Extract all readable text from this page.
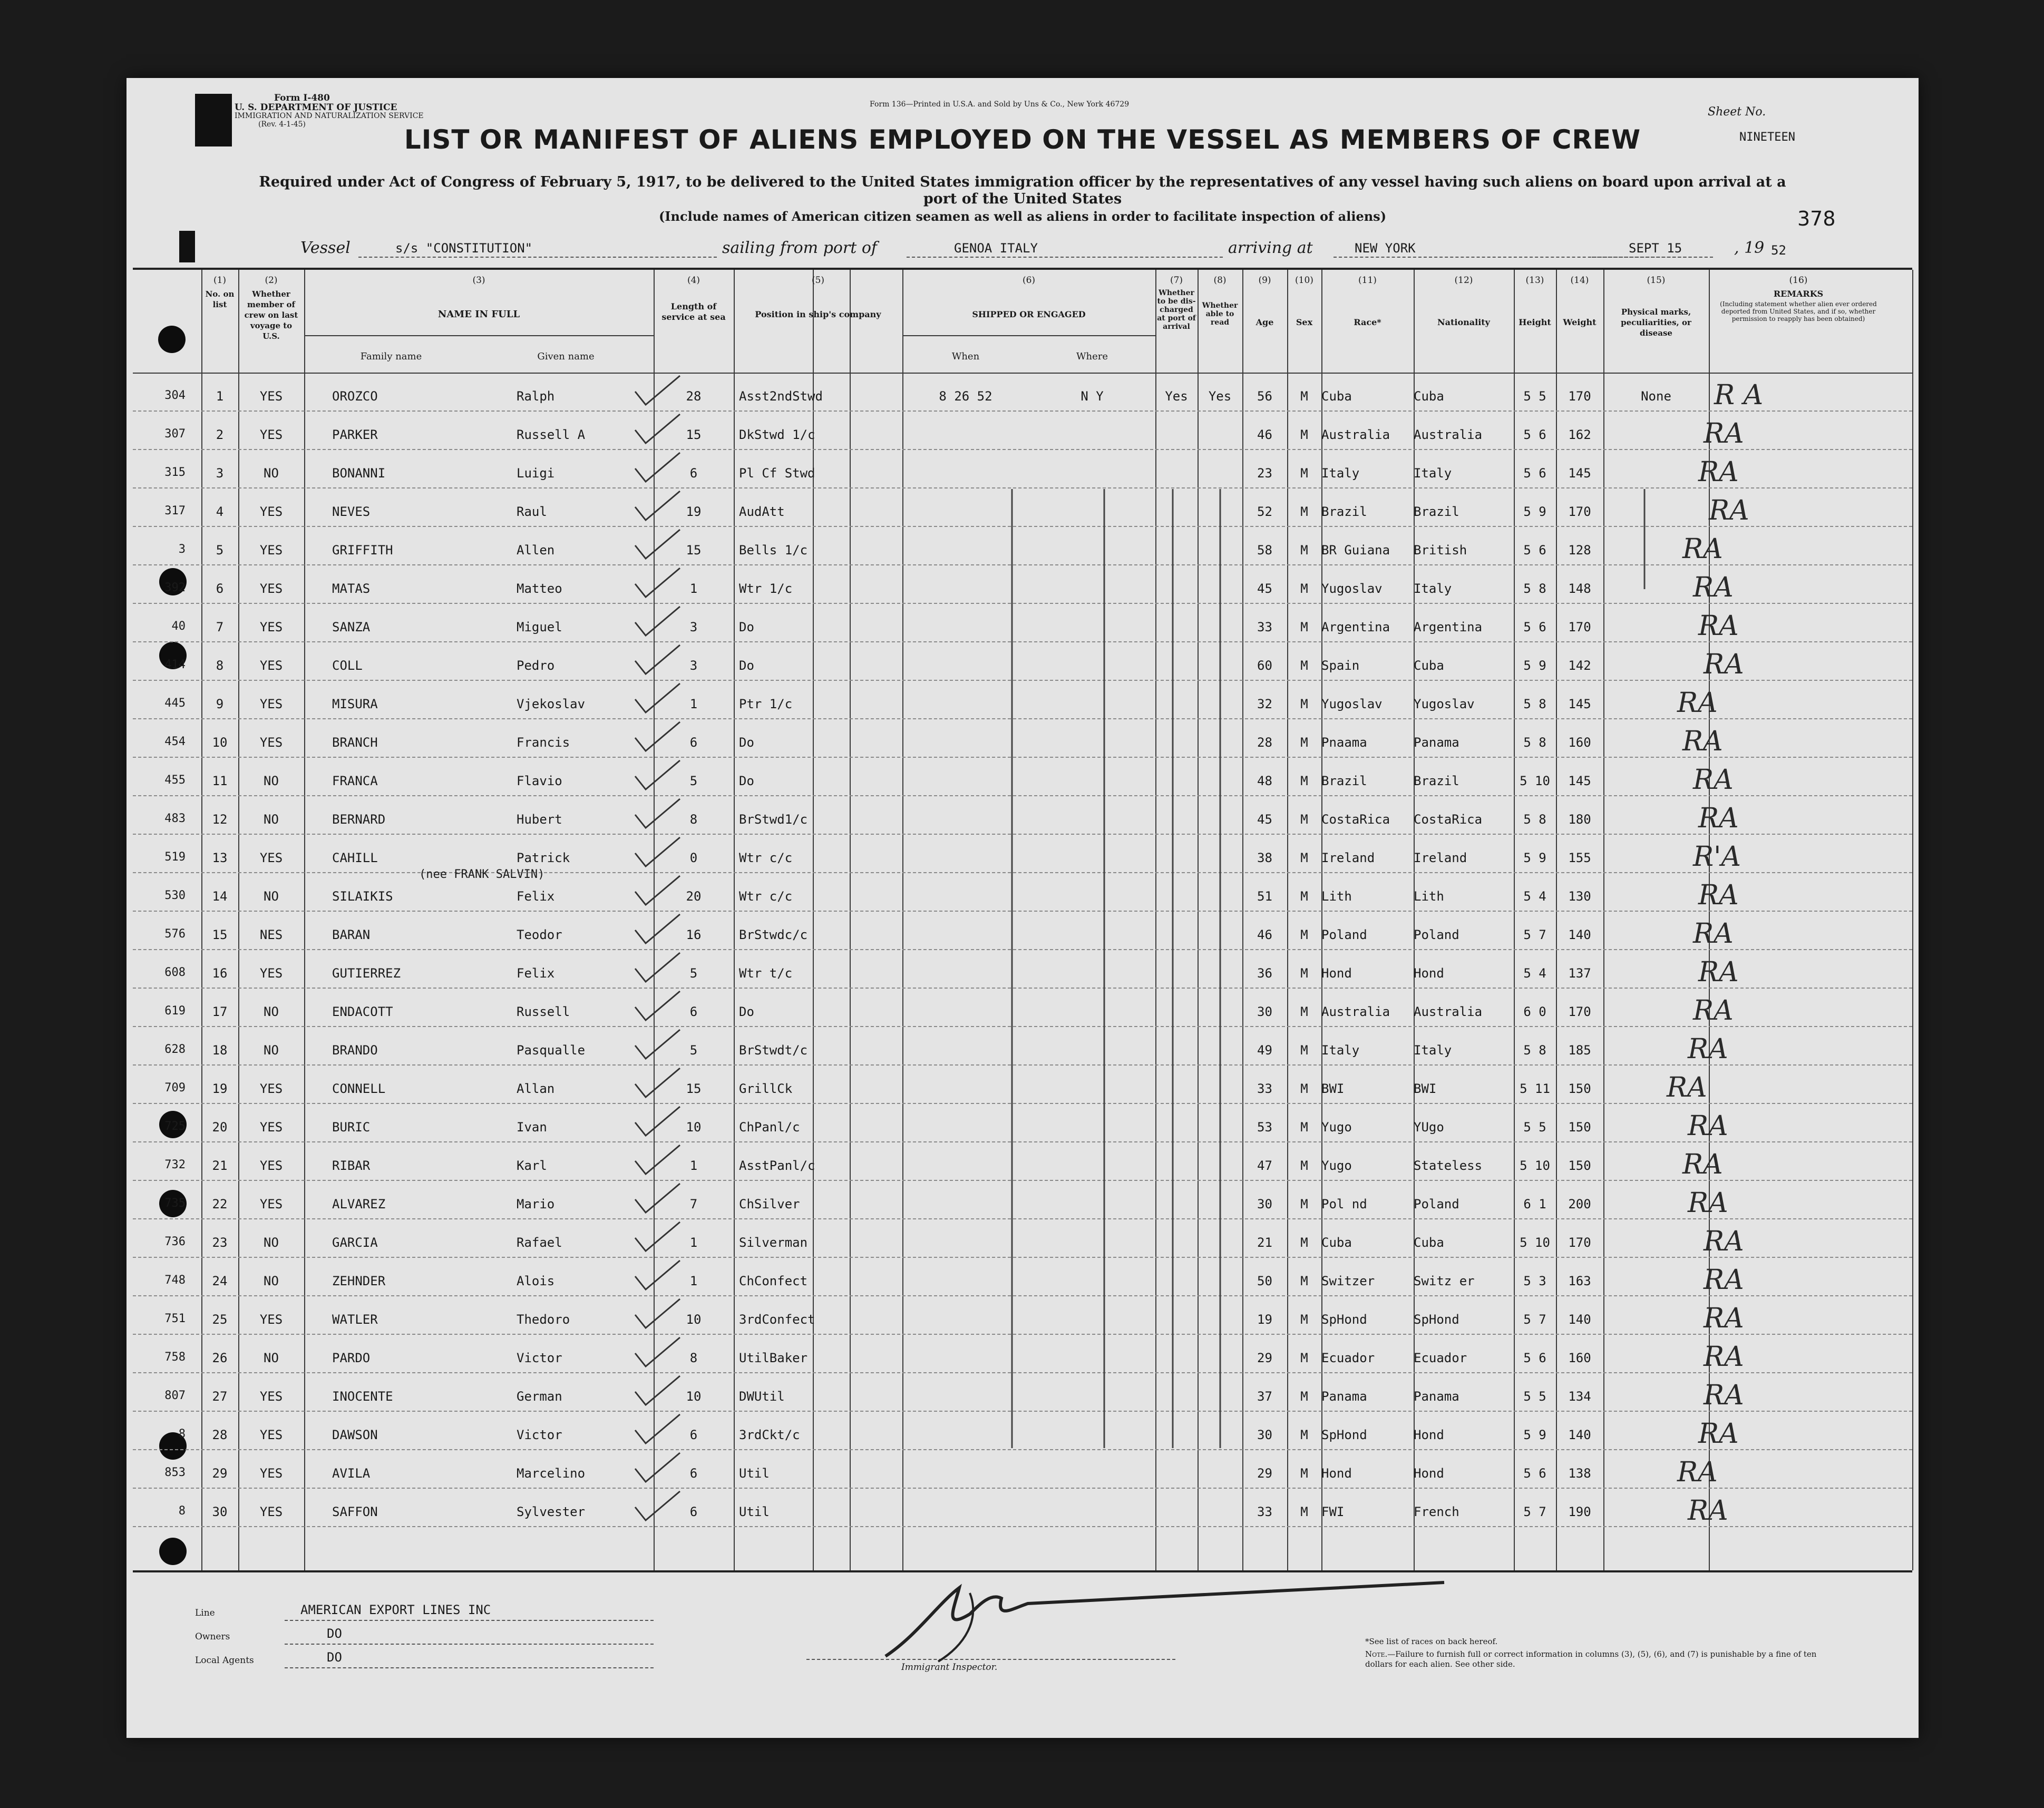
Form I-480
U. S. DEPARTMENT OF JUSTICE
IMMIGRATION AND NATURALIZATION SERVICE
(Rev. 4-1-45)
Form 136—Printed in U.S.A. and Sold by Uns & Co., New York 46729
Sheet No.
NINETEEN
378
LIST OR MANIFEST OF ALIENS EMPLOYED ON THE VESSEL AS MEMBERS OF CREW
Required under Act of Congress of February 5, 1917, to be delivered to the United States immigration officer by the representatives of any vessel having such aliens on board upon arrival at a
port of the United States
(Include names of American citizen seamen as well as aliens in order to facilitate inspection of aliens)
Vessel	s/s "CONSTITUTION"	sailing from port of	GENOA ITALY	arriving at	NEW YORK	SEPT 15	, 19 52
(1)
No. on list
(2)
Whether member of crew on last voyage to U.S.
(3)
NAME IN FULL
Family name	Given name
(4)
Length of service at sea
(5)
Position in ship's company
(6)
SHIPPED OR ENGAGED
When	Where
(7)
Whether to be dis-charged at port of arrival
(8)
Whether able to read
(9)
Age
(10)
Sex
(11)
Race*
(12)
Nationality
(13)
Height
(14)
Weight
(15)
Physical marks, peculiarities, or disease
(16)
REMARKS
(Including statement whether alien ever ordered deported from United States, and if so, whether permission to reapply has been obtained)
304	1	YES	OROZCO	Ralph	28	Asst2ndStwd	8 26 52	N Y	Yes	Yes	56	M	Cuba	Cuba	5 5	170	None	R A
307	2	YES	PARKER	Russell A	15	DkStwd 1/c	46	M	Australia	Australia	5 6	162	RA
315	3	NO	BONANNI	Luigi	6	Pl Cf Stwd	23	M	Italy	Italy	5 6	145	RA
317	4	YES	NEVES	Raul	19	AudAtt	52	M	Brazil	Brazil	5 9	170	RA
3	5	YES	GRIFFITH	Allen	15	Bells 1/c	58	M	BR Guiana	British	5 6	128	RA
392	6	YES	MATAS	Matteo	1	Wtr 1/c	45	M	Yugoslav	Italy	5 8	148	RA
40	7	YES	SANZA	Miguel	3	Do	33	M	Argentina	Argentina	5 6	170	RA
414	8	YES	COLL	Pedro	3	Do	60	M	Spain	Cuba	5 9	142	RA
445	9	YES	MISURA	Vjekoslav	1	Ptr 1/c	32	M	Yugoslav	Yugoslav	5 8	145	RA
454	10	YES	BRANCH	Francis	6	Do	28	M	Pnaama	Panama	5 8	160	RA
455	11	NO	FRANCA	Flavio	5	Do	48	M	Brazil	Brazil	5 10	145	RA
483	12	NO	BERNARD	Hubert	8	BrStwd1/c	45	M	CostaRica	CostaRica	5 8	180	RA
519	13	YES	CAHILL	Patrick	0	Wtr c/c	38	M	Ireland	Ireland	5 9	155	R'A
530	14	NO	SILAIKIS	Felix	20	Wtr c/c	51	M	Lith	Lith	5 4	130	RA
576	15	NES	BARAN	Teodor	16	BrStwdc/c	46	M	Poland	Poland	5 7	140	RA
608	16	YES	GUTIERREZ	Felix	5	Wtr t/c	36	M	Hond	Hond	5 4	137	RA
619	17	NO	ENDACOTT	Russell	6	Do	30	M	Australia	Australia	6 0	170	RA
628	18	NO	BRANDO	Pasqualle	5	BrStwdt/c	49	M	Italy	Italy	5 8	185	RA
709	19	YES	CONNELL	Allan	15	GrillCk	33	M	BWI	BWI	5 11	150	RA
725	20	YES	BURIC	Ivan	10	ChPanl/c	53	M	Yugo	YUgo	5 5	150	RA
732	21	YES	RIBAR	Karl	1	AsstPanl/c	47	M	Yugo	Stateless	5 10	150	RA
735	22	YES	ALVAREZ	Mario	7	ChSilver	30	M	Pol nd	Poland	6 1	200	RA
736	23	NO	GARCIA	Rafael	1	Silverman	21	M	Cuba	Cuba	5 10	170	RA
748	24	NO	ZEHNDER	Alois	1	ChConfect	50	M	Switzer	Switz er	5 3	163	RA
751	25	YES	WATLER	Thedoro	10	3rdConfect	19	M	SpHond	SpHond	5 7	140	RA
758	26	NO	PARDO	Victor	8	UtilBaker	29	M	Ecuador	Ecuador	5 6	160	RA
807	27	YES	INOCENTE	German	10	DWUtil	37	M	Panama	Panama	5 5	134	RA
8	28	YES	DAWSON	Victor	6	3rdCkt/c	30	M	SpHond	Hond	5 9	140	RA
853	29	YES	AVILA	Marcelino	6	Util	29	M	Hond	Hond	5 6	138	RA
8	30	YES	SAFFON	Sylvester	6	Util	33	M	FWI	French	5 7	190	RA
(nee FRANK SALVIN)
Line	AMERICAN EXPORT LINES INC
Owners	DO
Local Agents	DO
Immigrant Inspector.
*See list of races on back hereof.
Note.—Failure to furnish full or correct information in columns (3), (5), (6), and (7) is punishable by a fine of ten dollars for each alien. See other side.
